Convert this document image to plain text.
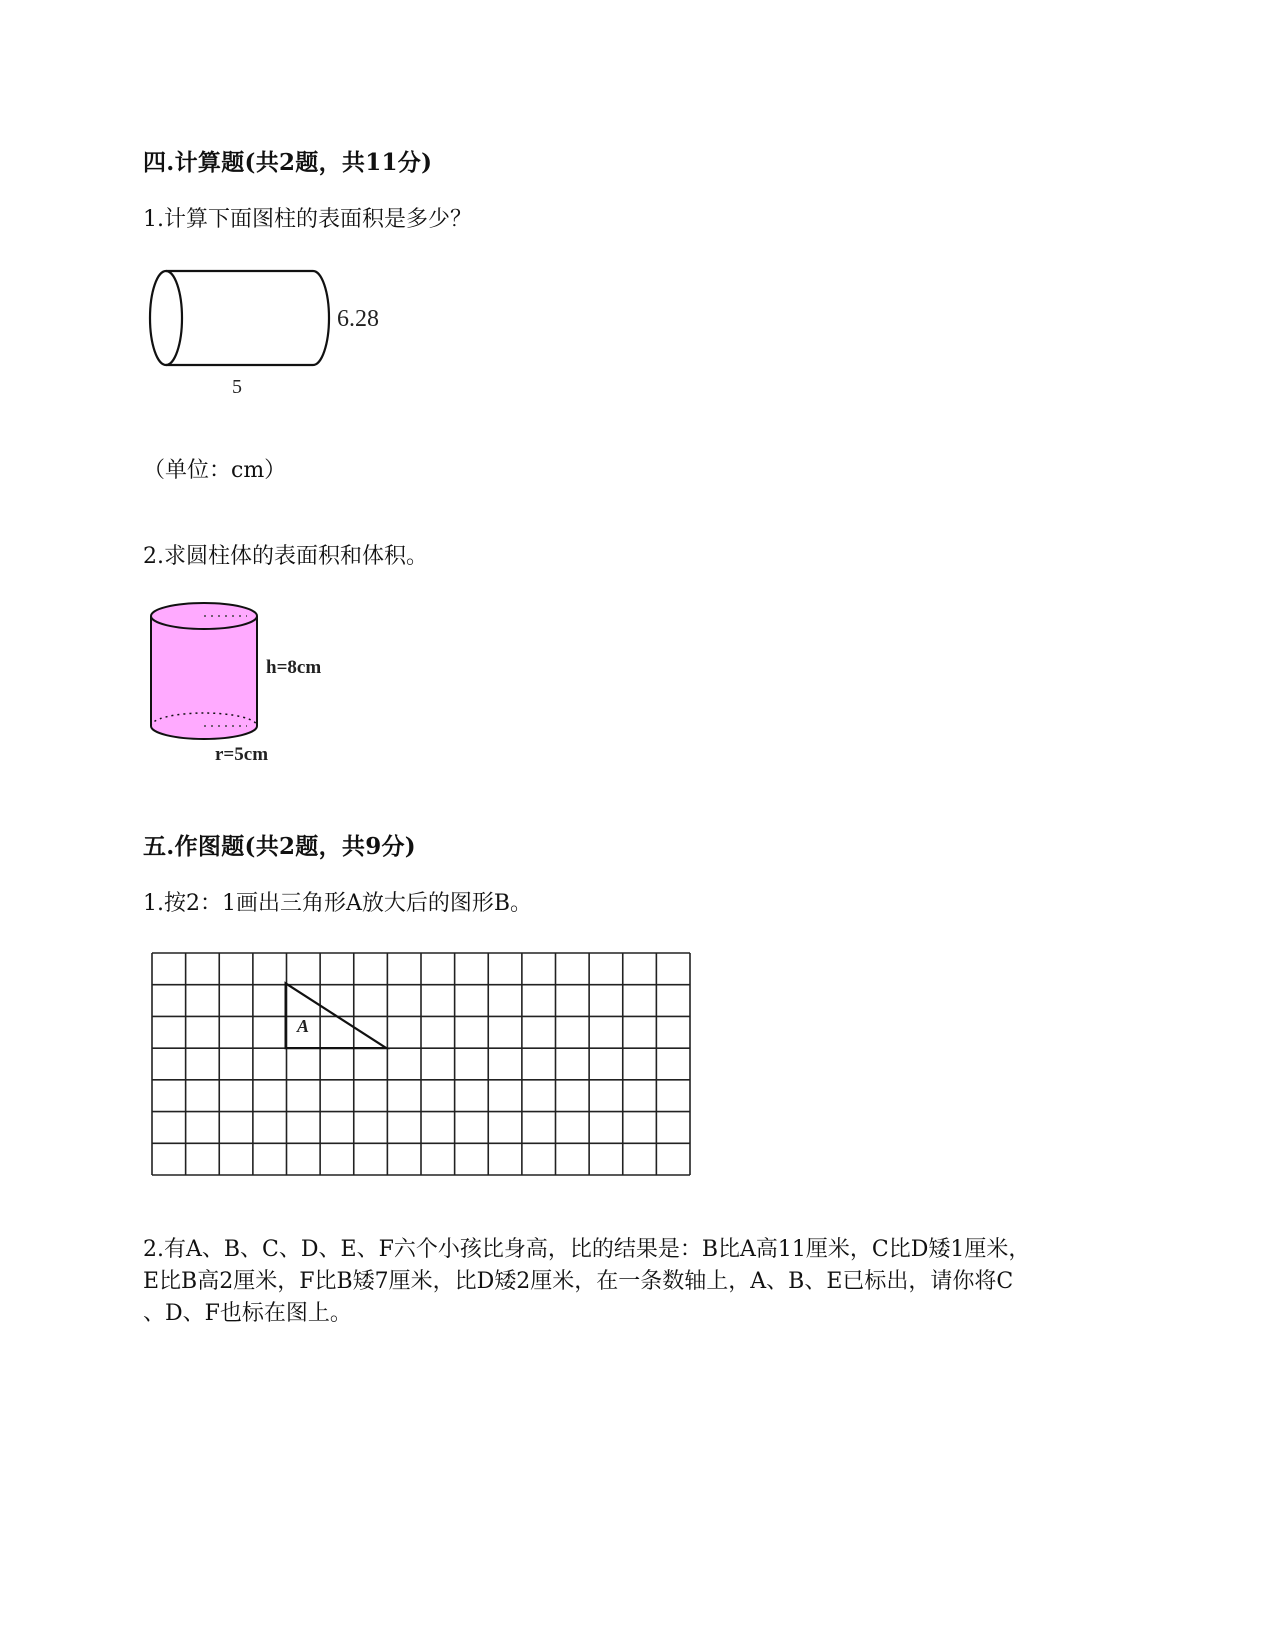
四.计算题(共2题，共11分)
1.计算下面图柱的表面积是多少？
6.28
5
（单位：cm）
2.求圆柱体的表面积和体积。
h=8cm
r=5cm
五.作图题(共2题，共9分)
1.按2：1画出三角形A放大后的图形B。
A
2.有A、B、C、D、E、F六个小孩比身高，比的结果是：B比A高11厘米，C比D矮1厘米，
E比B高2厘米，F比B矮7厘米，比D矮2厘米，在一条数轴上，A、B、E已标出，请你将C
、D、F也标在图上。
